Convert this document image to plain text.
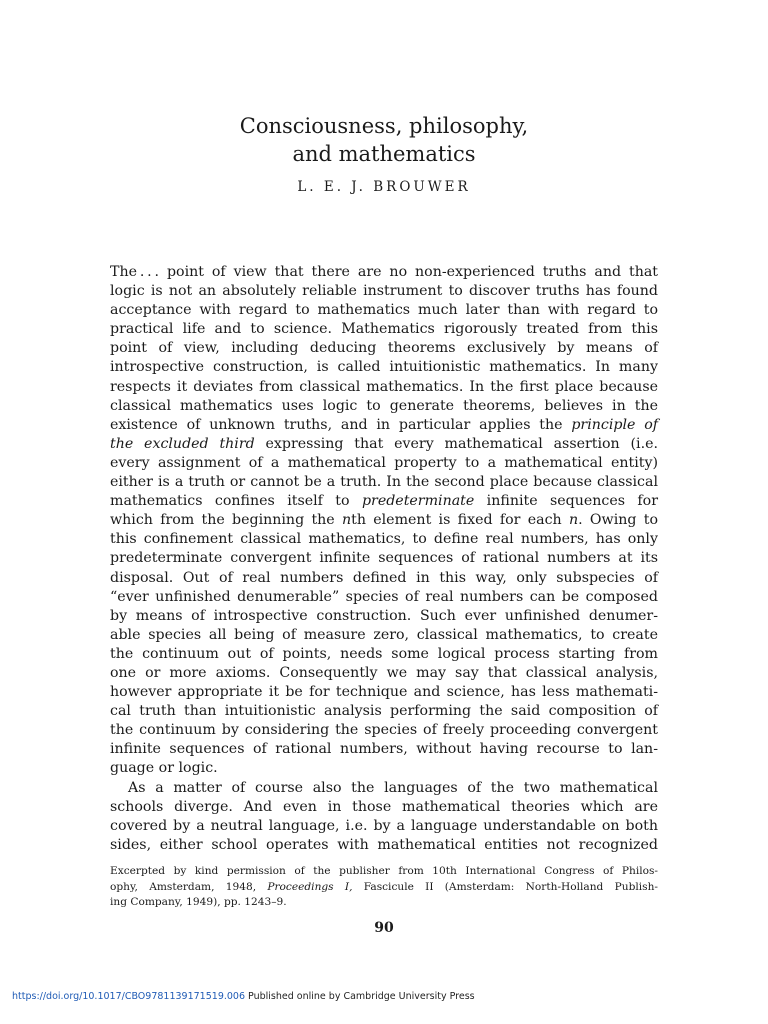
Consciousness, philosophy,
and mathematics
L. E. J. BROUWER
The . . . point of view that there are no non-experienced truths and that
logic is not an absolutely reliable instrument to discover truths has found
acceptance with regard to mathematics much later than with regard to
practical life and to science. Mathematics rigorously treated from this
point of view, including deducing theorems exclusively by means of
introspective construction, is called intuitionistic mathematics. In many
respects it deviates from classical mathematics. In the first place because
classical mathematics uses logic to generate theorems, believes in the
existence of unknown truths, and in particular applies the principle of
the excluded third expressing that every mathematical assertion (i.e.
every assignment of a mathematical property to a mathematical entity)
either is a truth or cannot be a truth. In the second place because classical
mathematics confines itself to predeterminate infinite sequences for
which from the beginning the nth element is fixed for each n. Owing to
this confinement classical mathematics, to define real numbers, has only
predeterminate convergent infinite sequences of rational numbers at its
disposal. Out of real numbers defined in this way, only subspecies of
“ever unfinished denumerable” species of real numbers can be composed
by means of introspective construction. Such ever unfinished denumer-
able species all being of measure zero, classical mathematics, to create
the continuum out of points, needs some logical process starting from
one or more axioms. Consequently we may say that classical analysis,
however appropriate it be for technique and science, has less mathemati-
cal truth than intuitionistic analysis performing the said composition of
the continuum by considering the species of freely proceeding convergent
infinite sequences of rational numbers, without having recourse to lan-
guage or logic.
As a matter of course also the languages of the two mathematical
schools diverge. And even in those mathematical theories which are
covered by a neutral language, i.e. by a language understandable on both
sides, either school operates with mathematical entities not recognized
Excerpted by kind permission of the publisher from 10th International Congress of Philos-
ophy, Amsterdam, 1948, Proceedings I, Fascicule II (Amsterdam: North-Holland Publish-
ing Company, 1949), pp. 1243–9.
90
https://doi.org/10.1017/CBO9781139171519.006 Published online by Cambridge University Press
